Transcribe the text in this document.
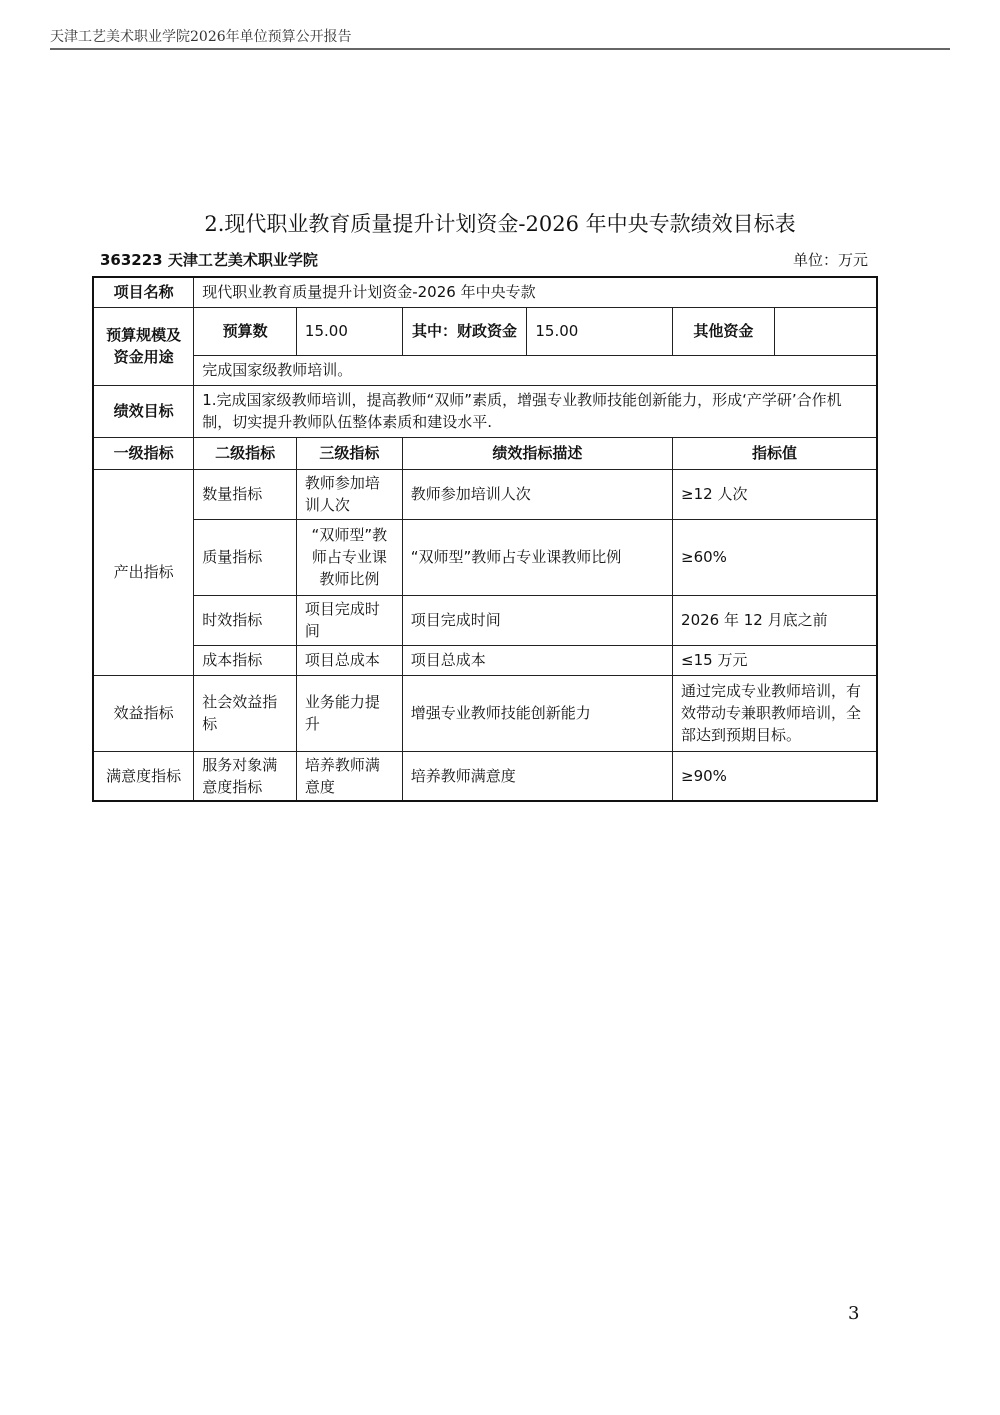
天津工艺美术职业学院2026年单位预算公开报告
2.现代职业教育质量提升计划资金-2026 年中央专款绩效目标表
363223 天津工艺美术职业学院	单位：万元
项目名称	现代职业教育质量提升计划资金-2026 年中央专款					
预算规模及资金用途	预算数	15.00	其中：财政资金	15.00	其他资金	
	完成国家级教师培训。					
绩效目标	1.完成国家级教师培训，提高教师“双师”素质，增强专业教师技能创新能力，形成‘产学研’合作机制，切实提升教师队伍整体素质和建设水平.					
一级指标	二级指标	三级指标	绩效指标描述		指标值	
产出指标	数量指标	教师参加培训人次	教师参加培训人次		≥12 人次	
	质量指标	“双师型”教师占专业课教师比例	“双师型”教师占专业课教师比例		≥60%	
	时效指标	项目完成时间	项目完成时间		2026 年 12 月底之前	
	成本指标	项目总成本	项目总成本		≤15 万元	
效益指标	社会效益指标	业务能力提升	增强专业教师技能创新能力		通过完成专业教师培训，有效带动专兼职教师培训，全部达到预期目标。	
满意度指标	服务对象满意度指标	培养教师满意度	培养教师满意度		≥90%	
3
